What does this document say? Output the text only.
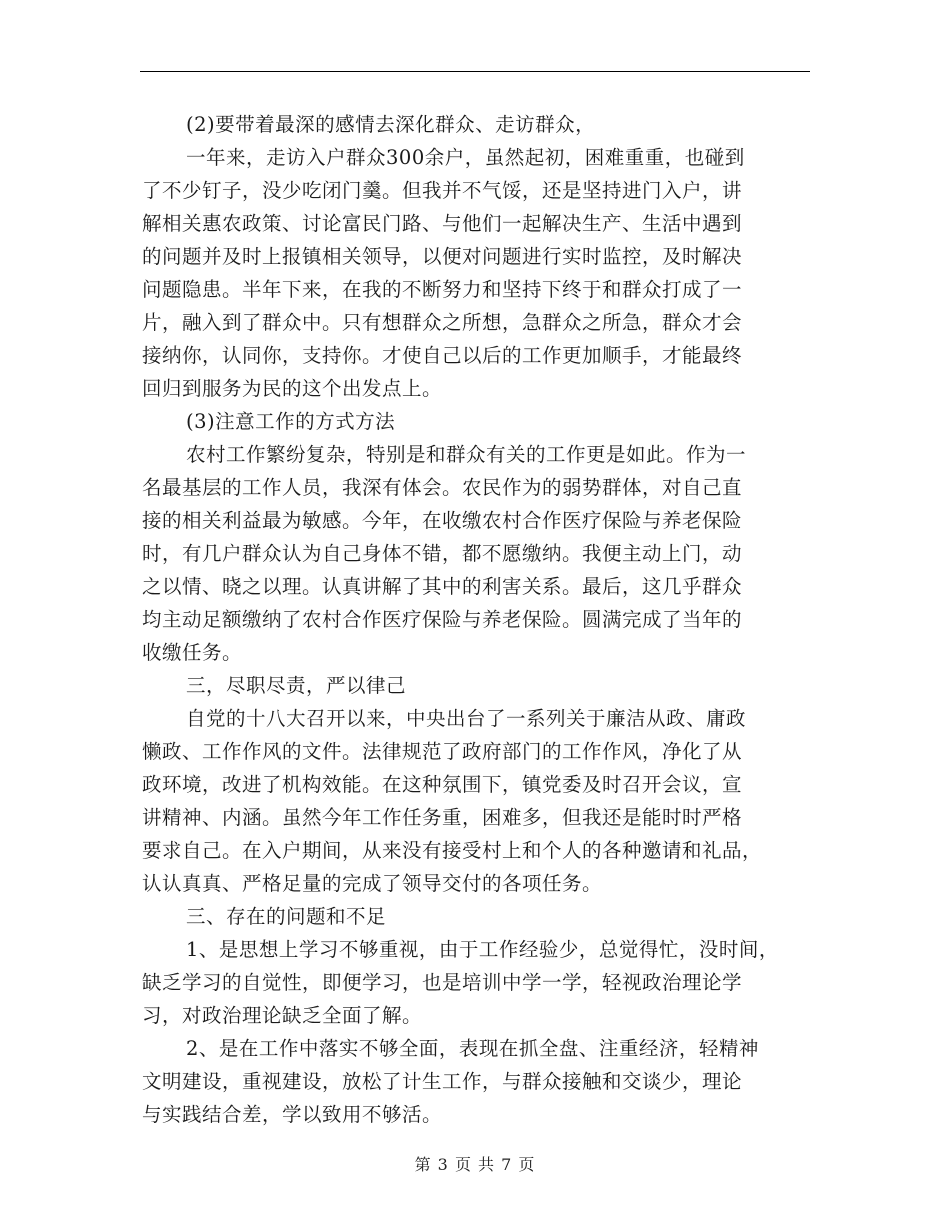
(2)要带着最深的感情去深化群众、走访群众，
一年来，走访入户群众300余户，虽然起初，困难重重，也碰到
了不少钉子，没少吃闭门羹。但我并不气馁，还是坚持进门入户，讲
解相关惠农政策、讨论富民门路、与他们一起解决生产、生活中遇到
的问题并及时上报镇相关领导，以便对问题进行实时监控，及时解决
问题隐患。半年下来，在我的不断努力和坚持下终于和群众打成了一
片，融入到了群众中。只有想群众之所想，急群众之所急，群众才会
接纳你，认同你，支持你。才使自己以后的工作更加顺手，才能最终
回归到服务为民的这个出发点上。
(3)注意工作的方式方法
农村工作繁纷复杂，特别是和群众有关的工作更是如此。作为一
名最基层的工作人员，我深有体会。农民作为的弱势群体，对自己直
接的相关利益最为敏感。今年，在收缴农村合作医疗保险与养老保险
时，有几户群众认为自己身体不错，都不愿缴纳。我便主动上门，动
之以情、晓之以理。认真讲解了其中的利害关系。最后，这几乎群众
均主动足额缴纳了农村合作医疗保险与养老保险。圆满完成了当年的
收缴任务。
三，尽职尽责，严以律己
自党的十八大召开以来，中央出台了一系列关于廉洁从政、庸政
懒政、工作作风的文件。法律规范了政府部门的工作作风，净化了从
政环境，改进了机构效能。在这种氛围下，镇党委及时召开会议，宣
讲精神、内涵。虽然今年工作任务重，困难多，但我还是能时时严格
要求自己。在入户期间，从来没有接受村上和个人的各种邀请和礼品，
认认真真、严格足量的完成了领导交付的各项任务。
三、存在的问题和不足
1、是思想上学习不够重视，由于工作经验少，总觉得忙，没时间，
缺乏学习的自觉性，即便学习，也是培训中学一学，轻视政治理论学
习，对政治理论缺乏全面了解。
2、是在工作中落实不够全面，表现在抓全盘、注重经济，轻精神
文明建设，重视建设，放松了计生工作，与群众接触和交谈少，理论
与实践结合差，学以致用不够活。
第 3 页 共 7 页
